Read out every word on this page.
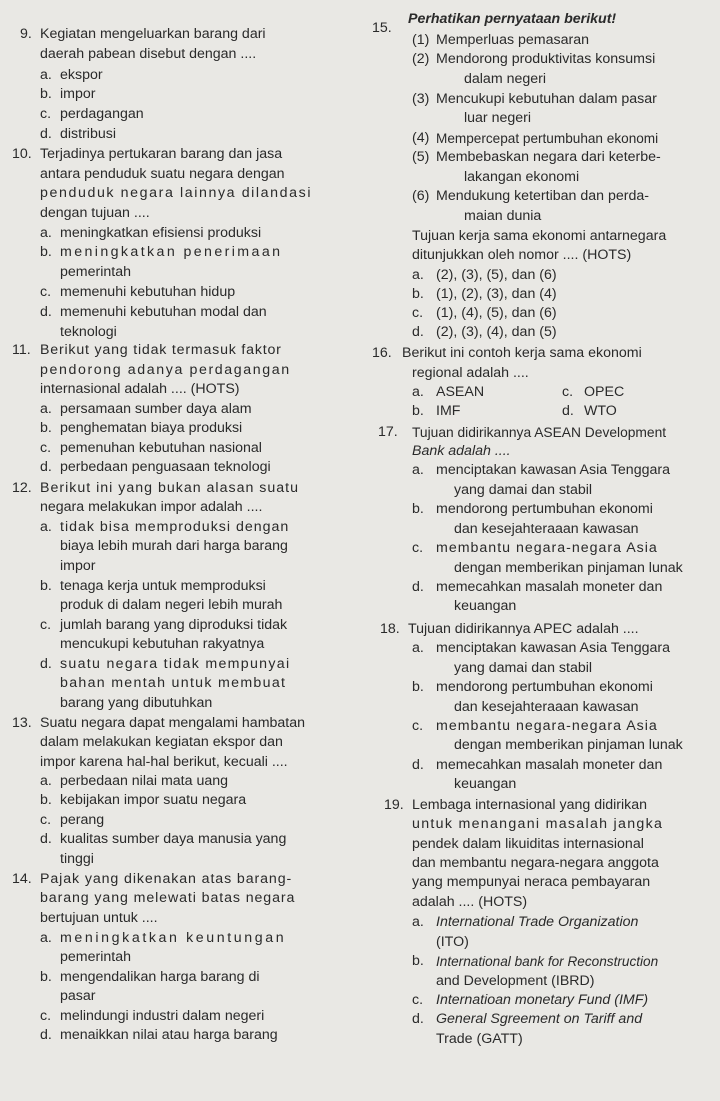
9. Kegiatan mengeluarkan barang dari
daerah pabean disebut dengan ....
a. ekspor
b. impor
c. perdagangan
d. distribusi
10. Terjadinya pertukaran barang dan jasa
antara penduduk suatu negara dengan
penduduk negara lainnya dilandasi
dengan tujuan ....
a. meningkatkan efisiensi produksi
b. meningkatkan penerimaan
pemerintah
c. memenuhi kebutuhan hidup
d. memenuhi kebutuhan modal dan
teknologi
11. Berikut yang tidak termasuk faktor
pendorong adanya perdagangan
internasional adalah .... (HOTS)
a. persamaan sumber daya alam
b. penghematan biaya produksi
c. pemenuhan kebutuhan nasional
d. perbedaan penguasaan teknologi
12. Berikut ini yang bukan alasan suatu
negara melakukan impor adalah ....
a. tidak bisa memproduksi dengan
biaya lebih murah dari harga barang
impor
b. tenaga kerja untuk memproduksi
produk di dalam negeri lebih murah
c. jumlah barang yang diproduksi tidak
mencukupi kebutuhan rakyatnya
d. suatu negara tidak mempunyai
bahan mentah untuk membuat
barang yang dibutuhkan
13. Suatu negara dapat mengalami hambatan
dalam melakukan kegiatan ekspor dan
impor karena hal-hal berikut, kecuali ....
a. perbedaan nilai mata uang
b. kebijakan impor suatu negara
c. perang
d. kualitas sumber daya manusia yang
tinggi
14. Pajak yang dikenakan atas barang-
barang yang melewati batas negara
bertujuan untuk ....
a. meningkatkan keuntungan
pemerintah
b. mengendalikan harga barang di
pasar
c. melindungi industri dalam negeri
d. menaikkan nilai atau harga barang
15.
Perhatikan pernyataan berikut!
(1) Memperluas pemasaran
(2) Mendorong produktivitas konsumsi
dalam negeri
(3) Mencukupi kebutuhan dalam pasar
luar negeri
(4) Mempercepat pertumbuhan ekonomi
(5) Membebaskan negara dari keterbe-
lakangan ekonomi
(6) Mendukung ketertiban dan perda-
maian dunia
Tujuan kerja sama ekonomi antarnegara
ditunjukkan oleh nomor .... (HOTS)
a. (2), (3), (5), dan (6)
b. (1), (2), (3), dan (4)
c. (1), (4), (5), dan (6)
d. (2), (3), (4), dan (5)
16. Berikut ini contoh kerja sama ekonomi
regional adalah ....
a. ASEAN
b. IMF
c. OPEC
d. WTO
17. Tujuan didirikannya ASEAN Development
Bank adalah ....
a. menciptakan kawasan Asia Tenggara
yang damai dan stabil
b. mendorong pertumbuhan ekonomi
dan kesejahteraaan kawasan
c. membantu negara-negara Asia
dengan memberikan pinjaman lunak
d. memecahkan masalah moneter dan
keuangan
18. Tujuan didirikannya APEC adalah ....
a. menciptakan kawasan Asia Tenggara
yang damai dan stabil
b. mendorong pertumbuhan ekonomi
dan kesejahteraaan kawasan
c. membantu negara-negara Asia
dengan memberikan pinjaman lunak
d. memecahkan masalah moneter dan
keuangan
19. Lembaga internasional yang didirikan
untuk menangani masalah jangka
pendek dalam likuiditas internasional
dan membantu negara-negara anggota
yang mempunyai neraca pembayaran
adalah .... (HOTS)
a. International Trade Organization
(ITO)
b. International bank for Reconstruction
and Development (IBRD)
c. Internatioan monetary Fund (IMF)
d. General Sgreement on Tariff and
Trade (GATT)
